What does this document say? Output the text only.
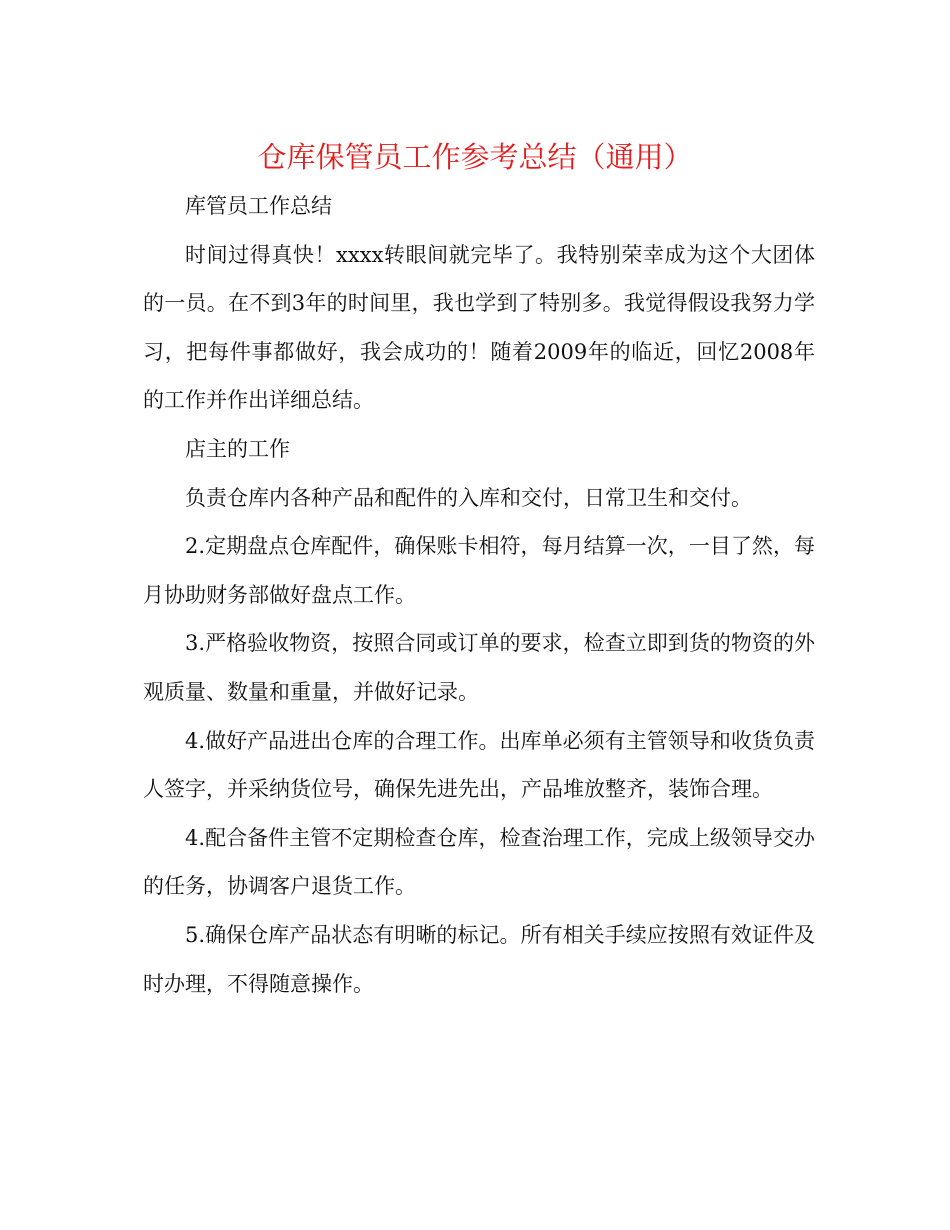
仓库保管员工作参考总结（通用）

库管员工作总结

时间过得真快！xxxx转眼间就完毕了。我特别荣幸成为这个大团体的一员。在不到3年的时间里，我也学到了特别多。我觉得假设我努力学习，把每件事都做好，我会成功的！随着2009年的临近，回忆2008年的工作并作出详细总结。

店主的工作

负责仓库内各种产品和配件的入库和交付，日常卫生和交付。

2.定期盘点仓库配件，确保账卡相符，每月结算一次，一目了然，每月协助财务部做好盘点工作。

3.严格验收物资，按照合同或订单的要求，检查立即到货的物资的外观质量、数量和重量，并做好记录。

4.做好产品进出仓库的合理工作。出库单必须有主管领导和收货负责人签字，并采纳货位号，确保先进先出，产品堆放整齐，装饰合理。

4.配合备件主管不定期检查仓库，检查治理工作，完成上级领导交办的任务，协调客户退货工作。

5.确保仓库产品状态有明晰的标记。所有相关手续应按照有效证件及时办理，不得随意操作。
